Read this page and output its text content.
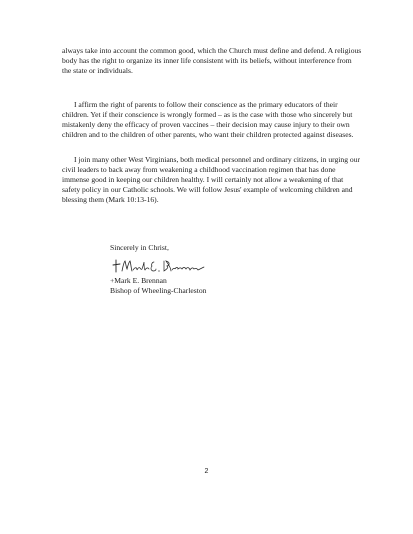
always take into account the common good, which the Church must define and defend. A religious body has the right to organize its inner life consistent with its beliefs, without interference from the state or individuals.

I affirm the right of parents to follow their conscience as the primary educators of their children. Yet if their conscience is wrongly formed – as is the case with those who sincerely but mistakenly deny the efficacy of proven vaccines – their decision may cause injury to their own children and to the children of other parents, who want their children protected against diseases.

I join many other West Virginians, both medical personnel and ordinary citizens, in urging our civil leaders to back away from weakening a childhood vaccination regimen that has done immense good in keeping our children healthy. I will certainly not allow a weakening of that safety policy in our Catholic schools. We will follow Jesus' example of welcoming children and blessing them (Mark 10:13-16).

Sincerely in Christ,

+Mark E. Brennan

Bishop of Wheeling-Charleston

2
